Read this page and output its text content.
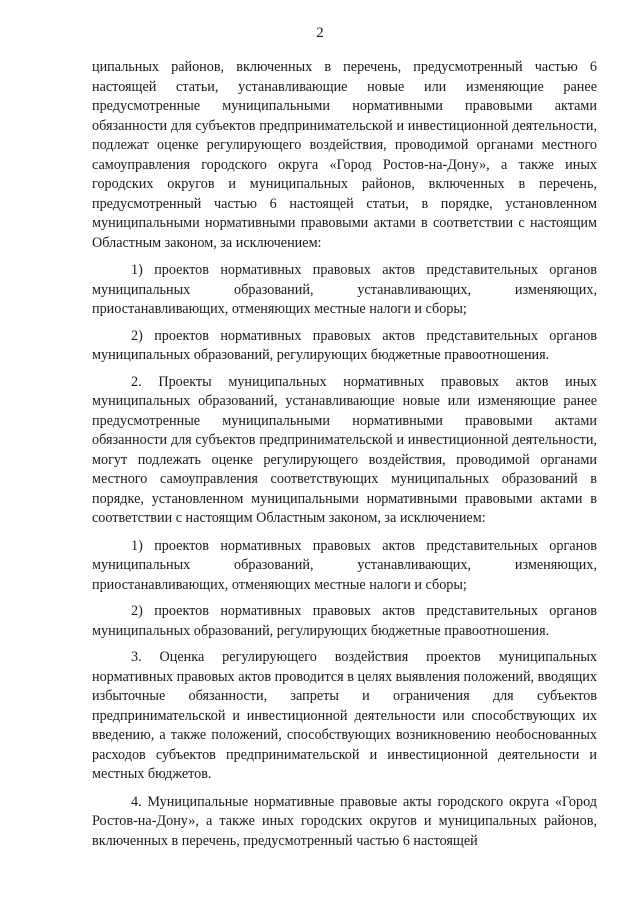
2

ципальных районов, включенных в перечень, предусмотренный частью 6 настоящей статьи, устанавливающие новые или изменяющие ранее предусмотренные муниципальными нормативными правовыми актами обязанности для субъектов предпринимательской и инвестиционной деятельности, подлежат оценке регулирующего воздействия, проводимой органами местного самоуправления городского округа «Город Ростов-на-Дону», а также иных городских округов и муниципальных районов, включенных в перечень, предусмотренный частью 6 настоящей статьи, в порядке, установленном муниципальными нормативными правовыми актами в соответствии с настоящим Областным законом, за исключением:

1) проектов нормативных правовых актов представительных органов муниципальных образований, устанавливающих, изменяющих, приостанавливающих, отменяющих местные налоги и сборы;

2) проектов нормативных правовых актов представительных органов муниципальных образований, регулирующих бюджетные правоотношения.

2. Проекты муниципальных нормативных правовых актов иных муниципальных образований, устанавливающие новые или изменяющие ранее предусмотренные муниципальными нормативными правовыми актами обязанности для субъектов предпринимательской и инвестиционной деятельности, могут подлежать оценке регулирующего воздействия, проводимой органами местного самоуправления соответствующих муниципальных образований в порядке, установленном муниципальными нормативными правовыми актами в соответствии с настоящим Областным законом, за исключением:

1) проектов нормативных правовых актов представительных органов муниципальных образований, устанавливающих, изменяющих, приостанавливающих, отменяющих местные налоги и сборы;

2) проектов нормативных правовых актов представительных органов муниципальных образований, регулирующих бюджетные правоотношения.

3. Оценка регулирующего воздействия проектов муниципальных нормативных правовых актов проводится в целях выявления положений, вводящих избыточные обязанности, запреты и ограничения для субъектов предпринимательской и инвестиционной деятельности или способствующих их введению, а также положений, способствующих возникновению необоснованных расходов субъектов предпринимательской и инвестиционной деятельности и местных бюджетов.

4. Муниципальные нормативные правовые акты городского округа «Город Ростов-на-Дону», а также иных городских округов и муниципальных районов, включенных в перечень, предусмотренный частью 6 настоящей
